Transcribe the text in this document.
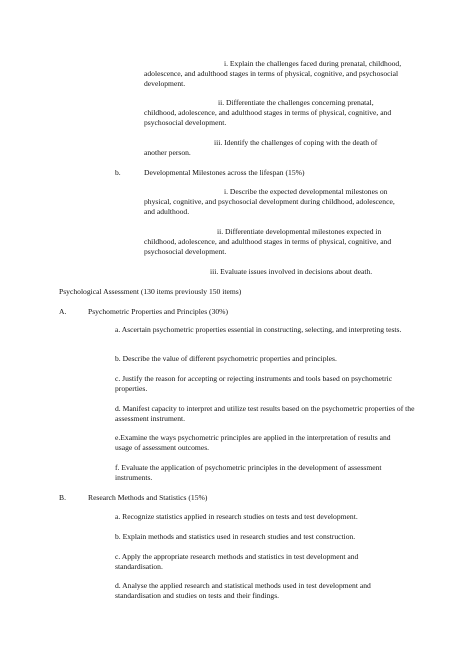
i. Explain the challenges faced during prenatal, childhood, adolescence, and adulthood stages in terms of physical, cognitive, and psychosocial development.

ii. Differentiate the challenges concerning prenatal, childhood, adolescence, and adulthood stages in terms of physical, cognitive, and psychosocial development.

iii. Identify the challenges of coping with the death of another person.

b.	Developmental Milestones across the lifespan (15%)

i. Describe the expected developmental milestones on physical, cognitive, and psychosocial development during childhood, adolescence, and adulthood.

ii. Differentiate developmental milestones expected in childhood, adolescence, and adulthood stages in terms of physical, cognitive, and psychosocial development.

iii. Evaluate issues involved in decisions about death.

Psychological Assessment (130 items previously 150 items)

A.	Psychometric Properties and Principles (30%)

a. Ascertain psychometric properties essential in constructing, selecting, and interpreting tests.

b. Describe the value of different psychometric properties and principles.

c. Justify the reason for accepting or rejecting instruments and tools based on psychometric properties.

d. Manifest capacity to interpret and utilize test results based on the psychometric properties of the assessment instrument.

e.Examine the ways psychometric principles are applied in the interpretation of results and usage of assessment outcomes.

f. Evaluate the application of psychometric principles in the development of assessment instruments.

B.	Research Methods and Statistics (15%)

a. Recognize statistics applied in research studies on tests and test development.

b. Explain methods and statistics used in research studies and test construction.

c. Apply the appropriate research methods and statistics in test development and standardisation.

d. Analyse the applied research and statistical methods used in test development and standardisation and studies on tests and their findings.
